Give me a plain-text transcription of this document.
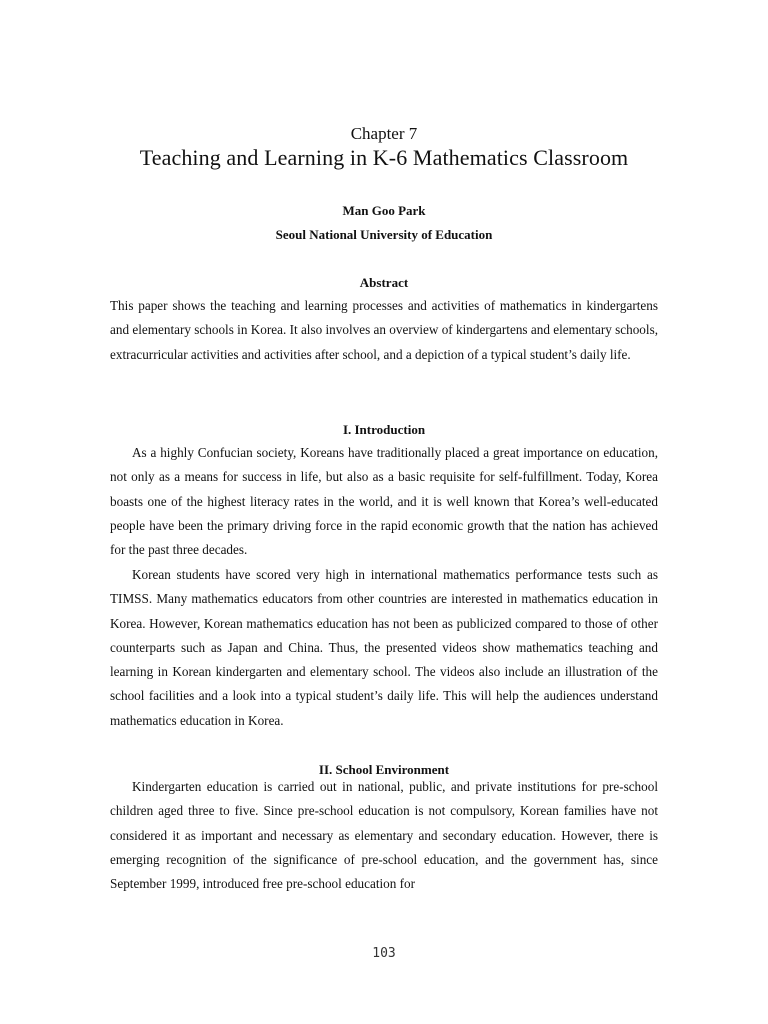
Chapter 7
Teaching and Learning in K-6 Mathematics Classroom
Man Goo Park
Seoul National University of Education
Abstract

This paper shows the teaching and learning processes and activities of mathematics in kindergartens and elementary schools in Korea. It also involves an overview of kindergartens and elementary schools, extracurricular activities and activities after school, and a depiction of a typical student’s daily life.

I. Introduction

As a highly Confucian society, Koreans have traditionally placed a great importance on education, not only as a means for success in life, but also as a basic requisite for self-fulfillment. Today, Korea boasts one of the highest literacy rates in the world, and it is well known that Korea’s well-educated people have been the primary driving force in the rapid economic growth that the nation has achieved for the past three decades.

Korean students have scored very high in international mathematics performance tests such as TIMSS. Many mathematics educators from other countries are interested in mathematics education in Korea. However, Korean mathematics education has not been as publicized compared to those of other counterparts such as Japan and China. Thus, the presented videos show mathematics teaching and learning in Korean kindergarten and elementary school. The videos also include an illustration of the school facilities and a look into a typical student’s daily life. This will help the audiences understand mathematics education in Korea.

II. School Environment

Kindergarten education is carried out in national, public, and private institutions for pre-school children aged three to five. Since pre-school education is not compulsory, Korean families have not considered it as important and necessary as elementary and secondary education. However, there is emerging recognition of the significance of pre-school education, and the government has, since September 1999, introduced free pre-school education for

103
